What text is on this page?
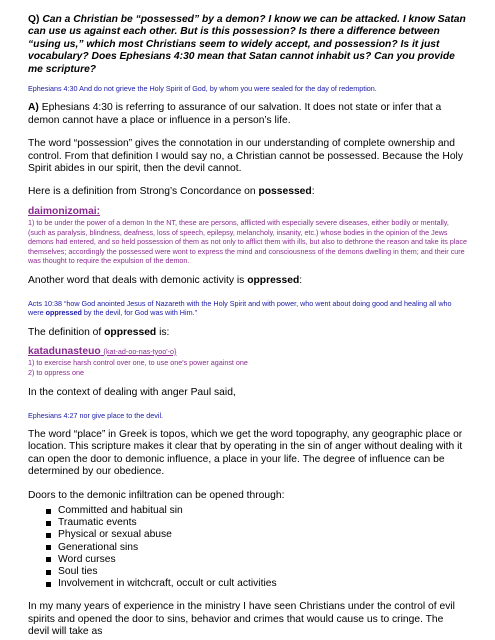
Q) Can a Christian be “possessed” by a demon? I know we can be attacked. I know Satan can use us against each other. But is this possession? Is there a difference between “using us,” which most Christians seem to widely accept, and possession? Is it just vocabulary? Does Ephesians 4:30 mean that Satan cannot inhabit us? Can you provide me scripture?

Ephesians 4:30 And do not grieve the Holy Spirit of God, by whom you were sealed for the day of redemption.

A) Ephesians 4:30 is referring to assurance of our salvation. It does not state or infer that a demon cannot have a place or influence in a person’s life.

The word “possession” gives the connotation in our understanding of complete ownership and control. From that definition I would say no, a Christian cannot be possessed. Because the Holy Spirit abides in our spirit, then the devil cannot.

Here is a definition from Strong’s Concordance on possessed:

daimonizomai:

1) to be under the power of a demon In the NT, these are persons, afflicted with especially severe diseases, either bodily or mentally, (such as paralysis, blindness, deafness, loss of speech, epilepsy, melancholy, insanity, etc.) whose bodies in the opinion of the Jews demons had entered, and so held possession of them as not only to afflict them with ills, but also to dethrone the reason and take its place themselves; accordingly the possessed were wont to express the mind and consciousness of the demons dwelling in them; and their cure was thought to require the expulsion of the demon.

Another word that deals with demonic activity is oppressed:

Acts 10:38 “how God anointed Jesus of Nazareth with the Holy Spirit and with power, who went about doing good and healing all who were oppressed by the devil, for God was with Him.”

The definition of oppressed is:

katadunasteuo {kat-ad-oo-nas-tyoo'-o}

1) to exercise harsh control over one, to use one's power against one

2) to oppress one

In the context of dealing with anger Paul said,

Ephesians 4:27 nor give place to the devil.

The word “place” in Greek is topos, which we get the word topography, any geographic place or location. This scripture makes it clear that by operating in the sin of anger without dealing with it can open the door to demonic influence, a place in your life. The degree of influence can be determined by our obedience.

Doors to the demonic infiltration can be opened through:

Committed and habitual sin
Traumatic events
Physical or sexual abuse
Generational sins
Word curses
Soul ties
Involvement in witchcraft, occult or cult activities

In my many years of experience in the ministry I have seen Christians under the control of evil spirits and opened the door to sins, behavior and crimes that would cause us to cringe. The devil will take as
